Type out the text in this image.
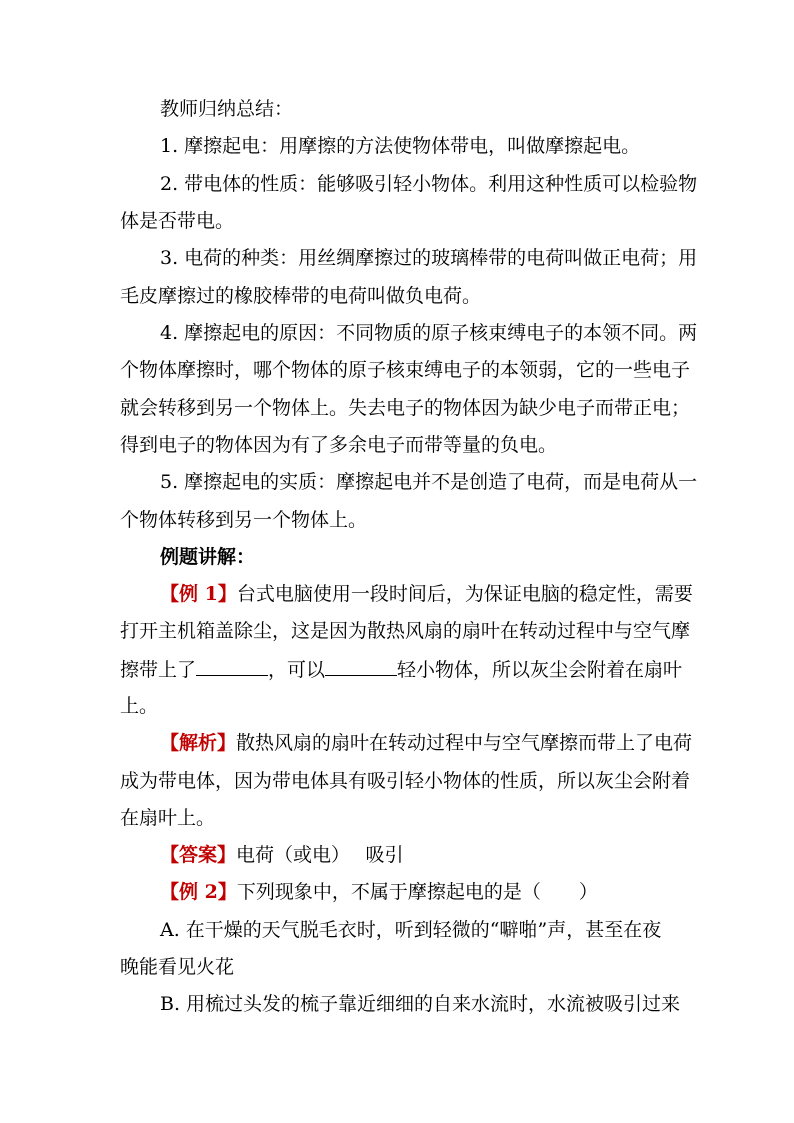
教师归纳总结：
1. 摩擦起电：用摩擦的方法使物体带电，叫做摩擦起电。
2. 带电体的性质：能够吸引轻小物体。利用这种性质可以检验物
体是否带电。
3. 电荷的种类：用丝绸摩擦过的玻璃棒带的电荷叫做正电荷；用
毛皮摩擦过的橡胶棒带的电荷叫做负电荷。
4. 摩擦起电的原因：不同物质的原子核束缚电子的本领不同。两
个物体摩擦时，哪个物体的原子核束缚电子的本领弱，它的一些电子
就会转移到另一个物体上。失去电子的物体因为缺少电子而带正电；
得到电子的物体因为有了多余电子而带等量的负电。
5. 摩擦起电的实质：摩擦起电并不是创造了电荷，而是电荷从一
个物体转移到另一个物体上。
例题讲解：
【例 1】台式电脑使用一段时间后，为保证电脑的稳定性，需要
打开主机箱盖除尘，这是因为散热风扇的扇叶在转动过程中与空气摩
擦带上了	，可以	轻小物体，所以灰尘会附着在扇叶
上。
【解析】散热风扇的扇叶在转动过程中与空气摩擦而带上了电荷
成为带电体，因为带电体具有吸引轻小物体的性质，所以灰尘会附着
在扇叶上。
【答案】电荷（或电）　 吸引
【例 2】下列现象中，不属于摩擦起电的是（　　）
A. 在干燥的天气脱毛衣时，听到轻微的“噼啪”声，甚至在夜
晚能看见火花
B. 用梳过头发的梳子靠近细细的自来水流时，水流被吸引过来
